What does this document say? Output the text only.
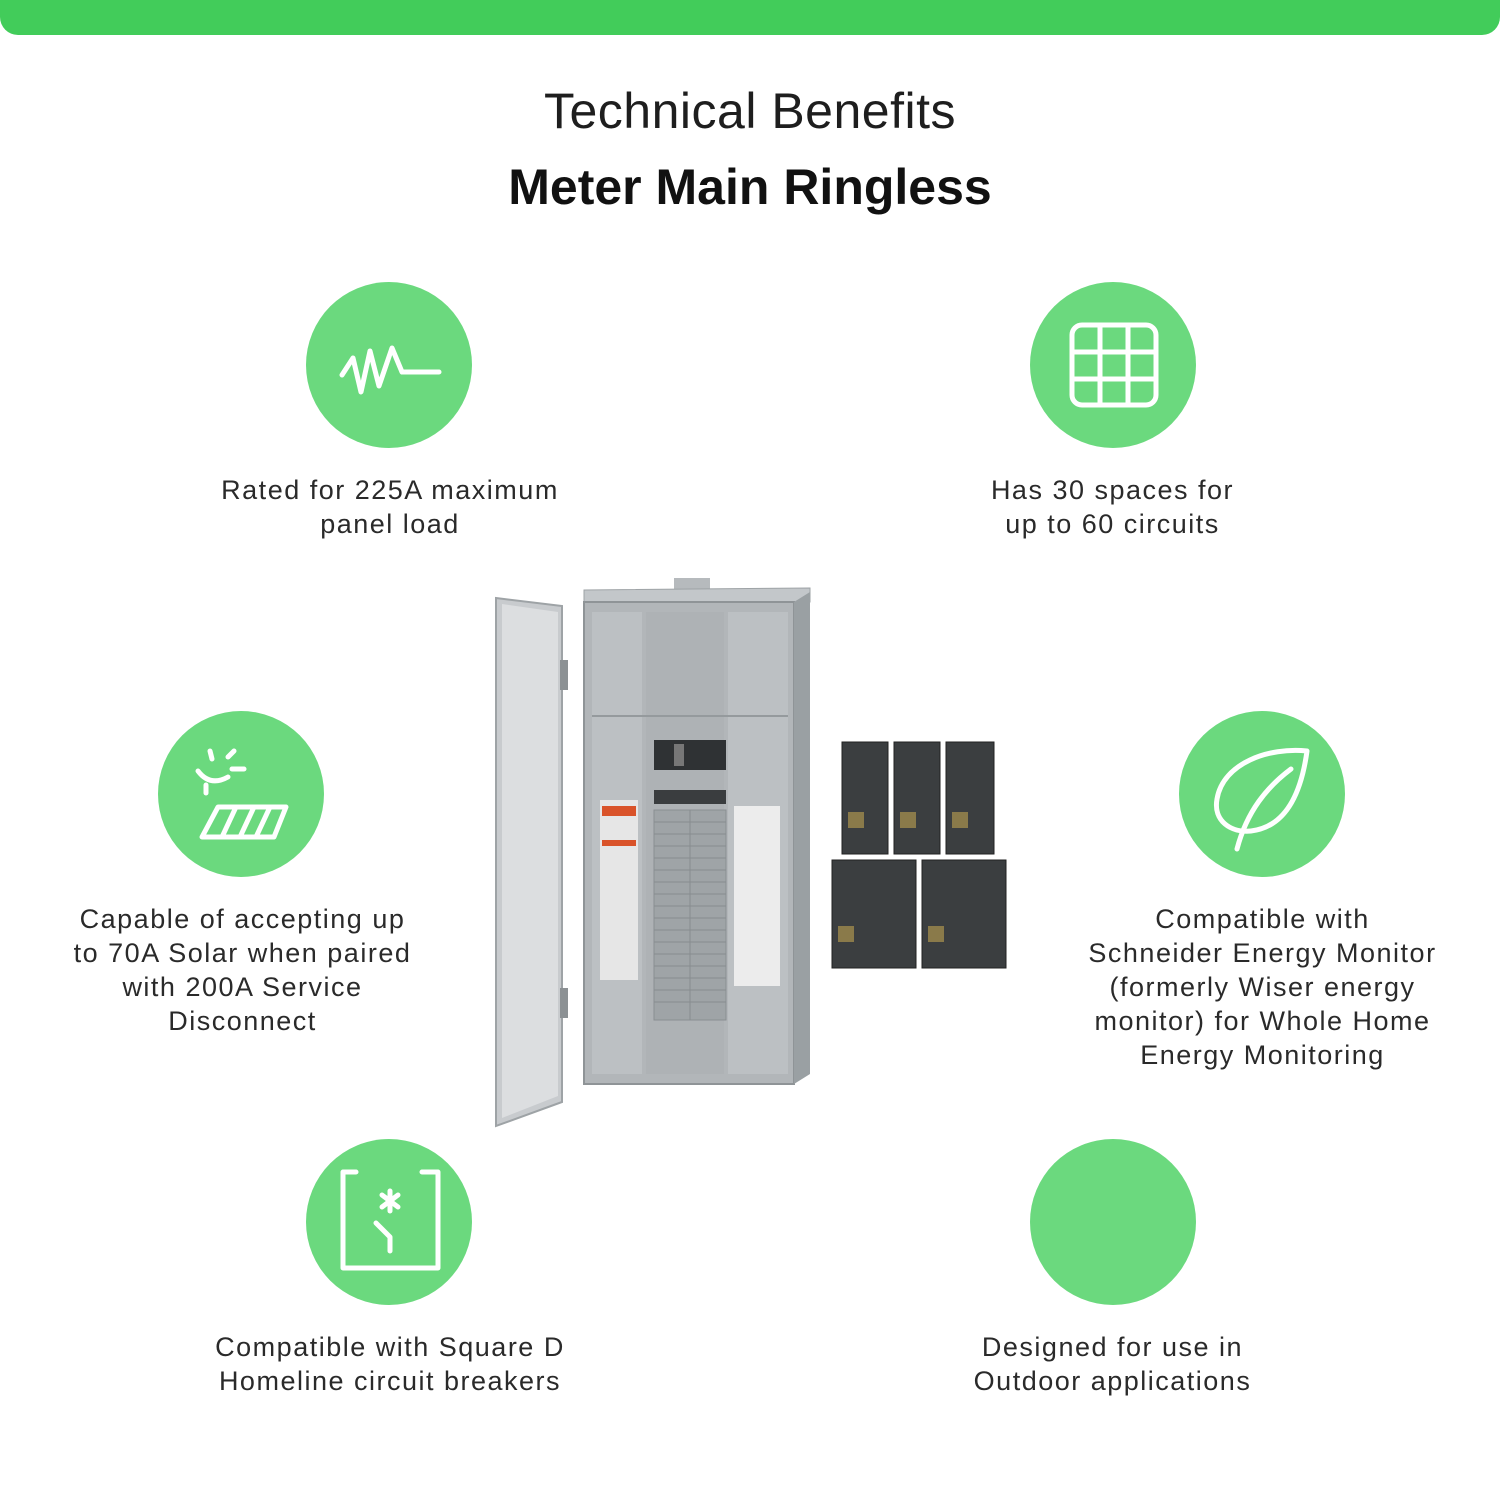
Technical Benefits
Meter Main Ringless
Rated for 225A maximum
panel load
Has 30 spaces for
up to 60 circuits
Capable of accepting up
to 70A Solar when paired
with 200A Service
Disconnect
Compatible with
Schneider Energy Monitor
(formerly Wiser energy
monitor) for Whole Home
Energy Monitoring
Compatible with Square D
Homeline circuit breakers
Designed for use in
Outdoor applications
